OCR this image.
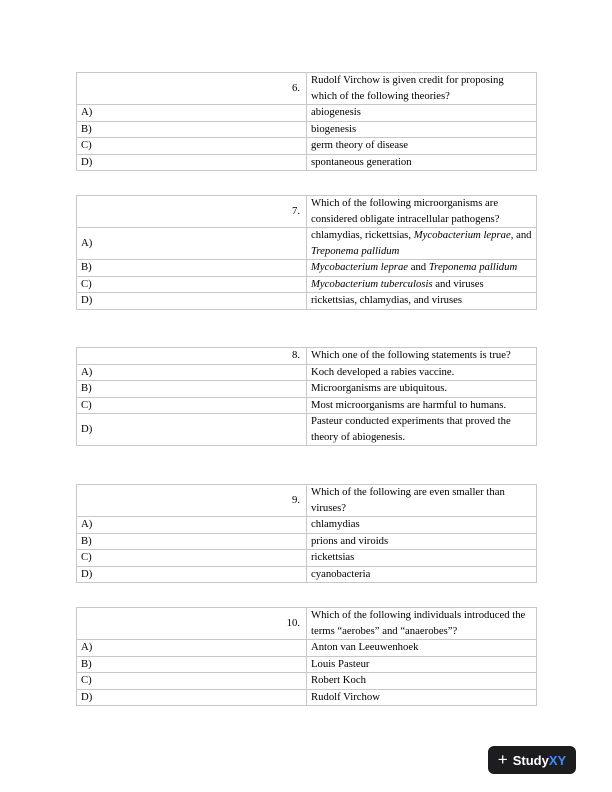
6.	Rudolf Virchow is given credit for proposing which of the following theories?
A)	abiogenesis
B)	biogenesis
C)	germ theory of disease
D)	spontaneous generation
7.	Which of the following microorganisms are considered obligate intracellular pathogens?
A)	chlamydias, rickettsias, Mycobacterium leprae, and Treponema pallidum
B)	Mycobacterium leprae and Treponema pallidum
C)	Mycobacterium tuberculosis and viruses
D)	rickettsias, chlamydias, and viruses
8.	Which one of the following statements is true?
A)	Koch developed a rabies vaccine.
B)	Microorganisms are ubiquitous.
C)	Most microorganisms are harmful to humans.
D)	Pasteur conducted experiments that proved the theory of abiogenesis.
9.	Which of the following are even smaller than viruses?
A)	chlamydias
B)	prions and viroids
C)	rickettsias
D)	cyanobacteria
10.	Which of the following individuals introduced the terms “aerobes” and “anaerobes”?
A)	Anton van Leeuwenhoek
B)	Louis Pasteur
C)	Robert Koch
D)	Rudolf Virchow
+ StudyXY
